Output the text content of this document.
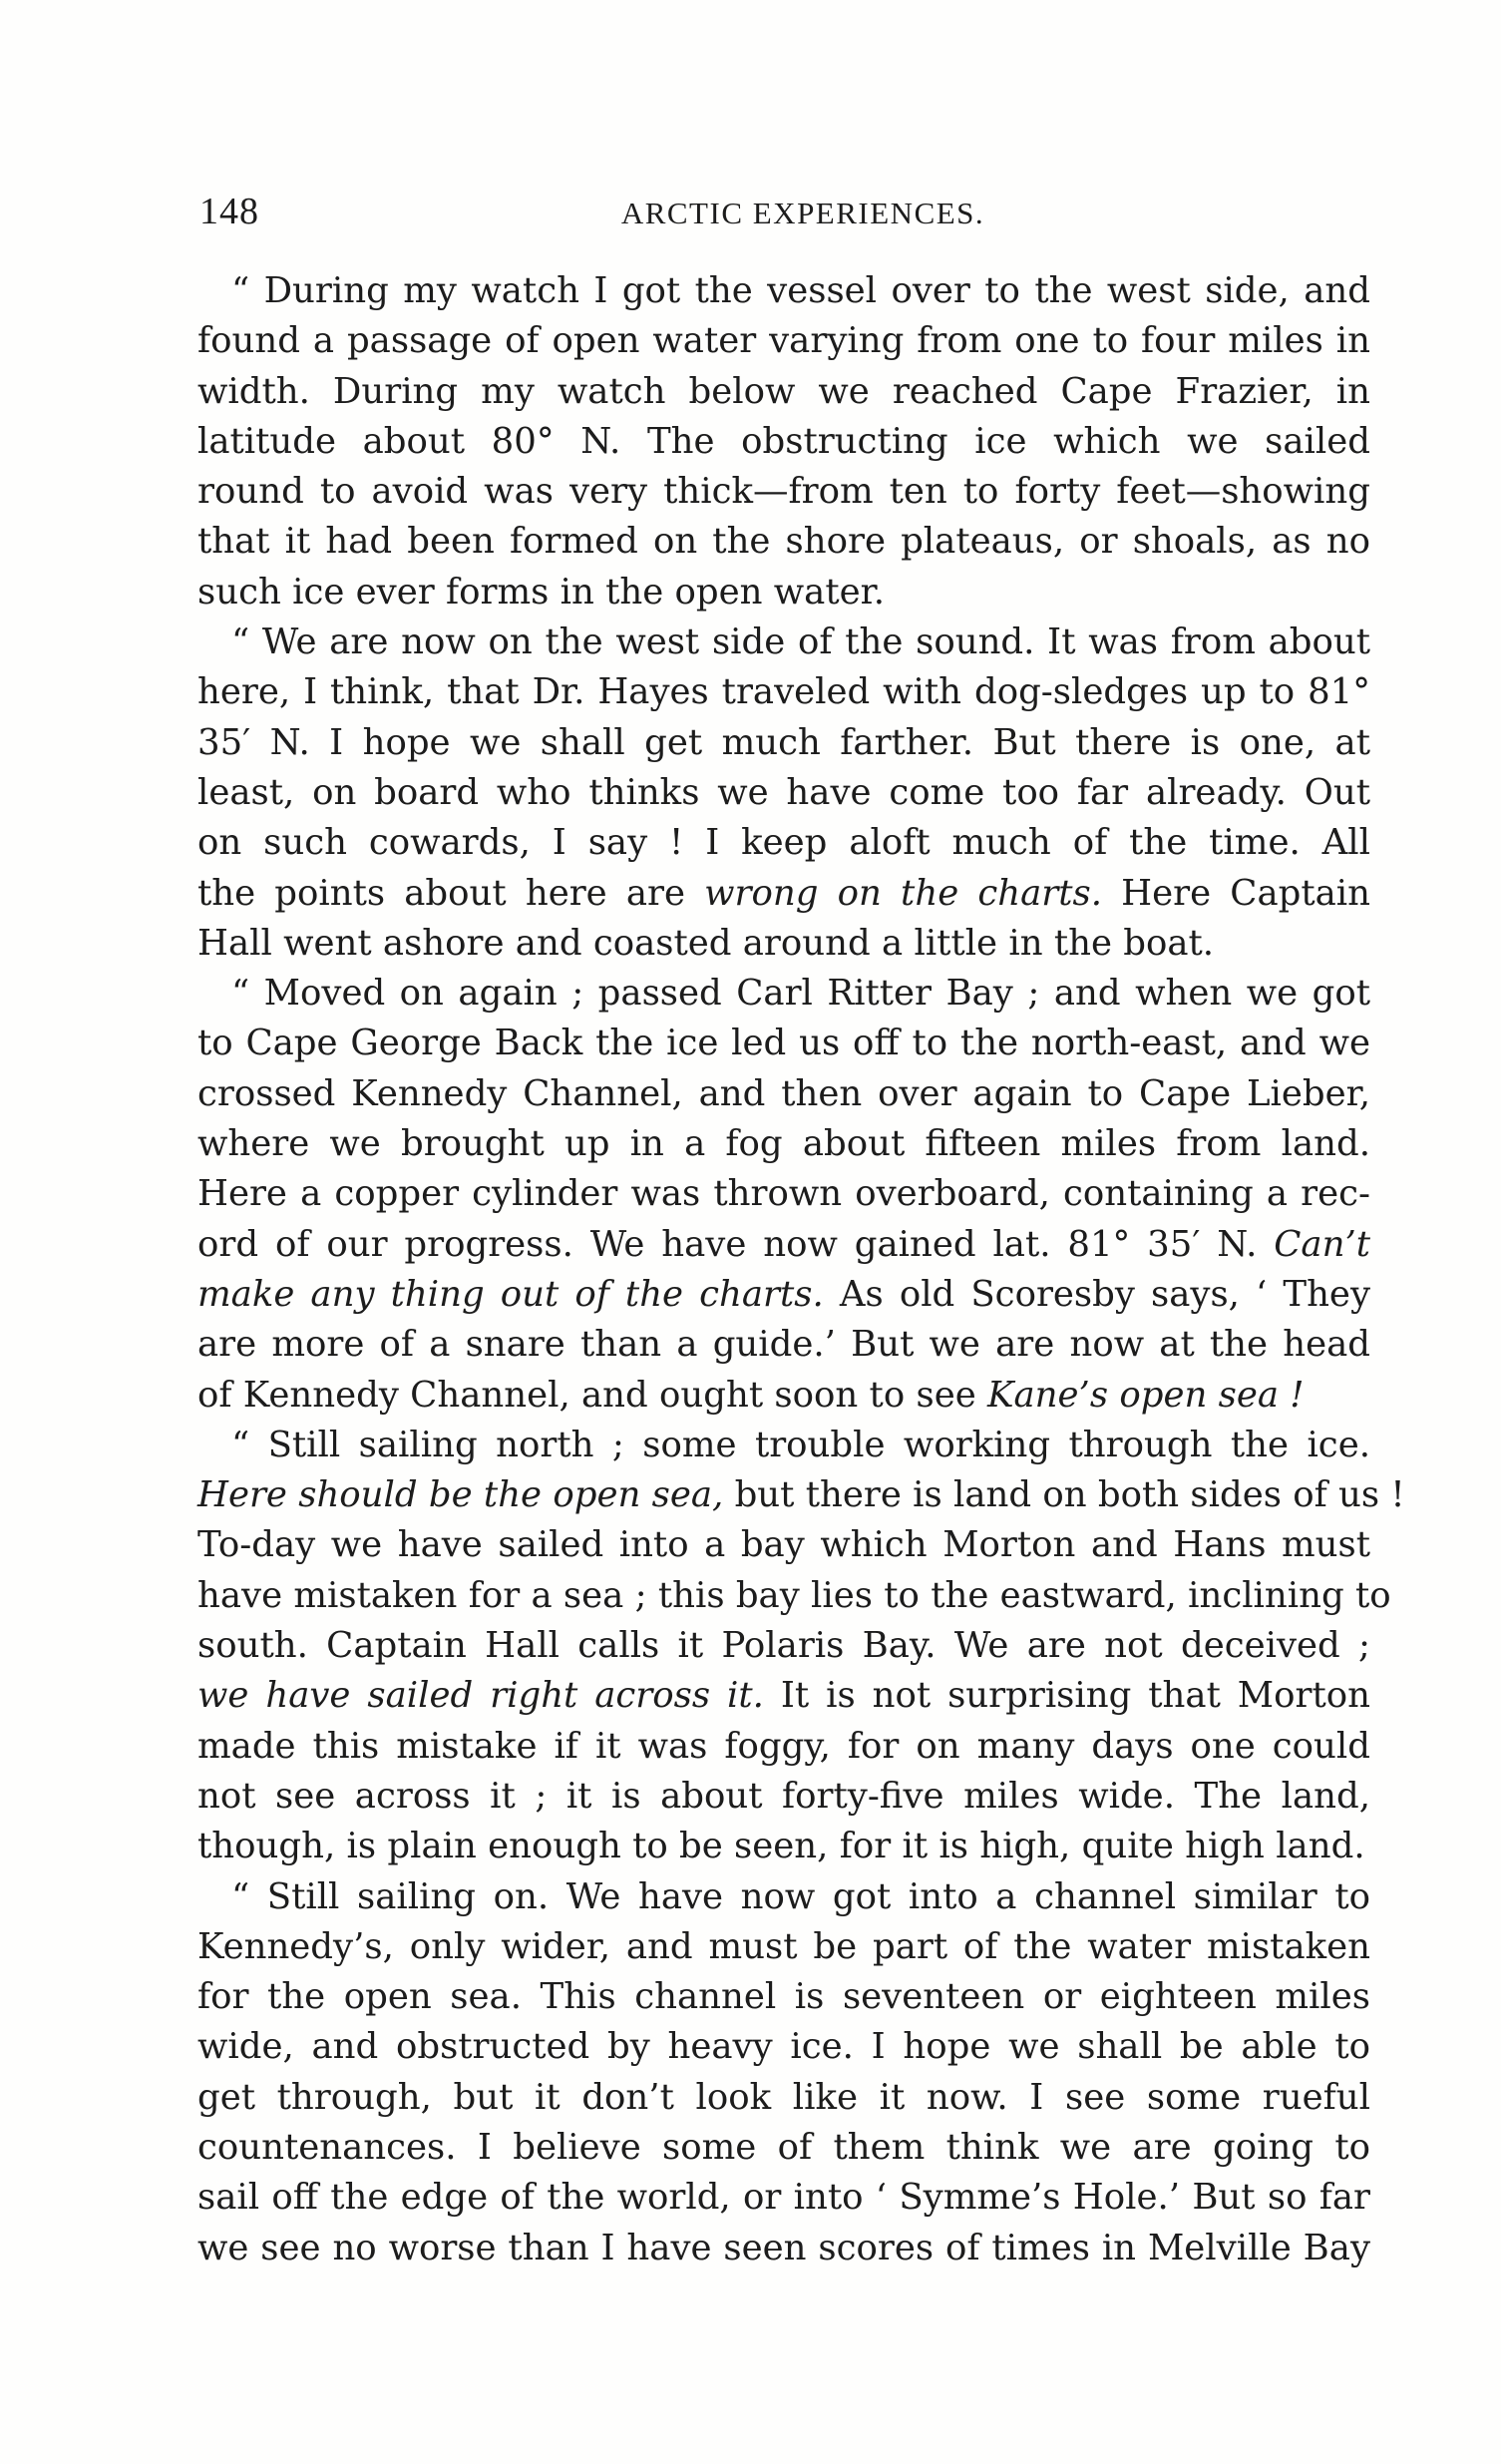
148	ARCTIC EXPERIENCES.
“ During my watch I got the vessel over to the west side, and
found a passage of open water varying from one to four miles in
width. During my watch below we reached Cape Frazier, in
latitude about 80° N. The obstructing ice which we sailed
round to avoid was very thick—from ten to forty feet—showing
that it had been formed on the shore plateaus, or shoals, as no
such ice ever forms in the open water.
“ We are now on the west side of the sound. It was from about
here, I think, that Dr. Hayes traveled with dog-sledges up to 81°
35′ N. I hope we shall get much farther. But there is one, at
least, on board who thinks we have come too far already. Out
on such cowards, I say ! I keep aloft much of the time. All
the points about here are wrong on the charts. Here Captain
Hall went ashore and coasted around a little in the boat.
“ Moved on again ; passed Carl Ritter Bay ; and when we got
to Cape George Back the ice led us off to the north-east, and we
crossed Kennedy Channel, and then over again to Cape Lieber,
where we brought up in a fog about fifteen miles from land.
Here a copper cylinder was thrown overboard, containing a rec-
ord of our progress. We have now gained lat. 81° 35′ N. Can’t
make any thing out of the charts. As old Scoresby says, ‘ They
are more of a snare than a guide.’ But we are now at the head
of Kennedy Channel, and ought soon to see Kane’s open sea !
“ Still sailing north ; some trouble working through the ice.
Here should be the open sea, but there is land on both sides of us !
To-day we have sailed into a bay which Morton and Hans must
have mistaken for a sea ; this bay lies to the eastward, inclining to
south. Captain Hall calls it Polaris Bay. We are not deceived ;
we have sailed right across it. It is not surprising that Morton
made this mistake if it was foggy, for on many days one could
not see across it ; it is about forty-five miles wide. The land,
though, is plain enough to be seen, for it is high, quite high land.
“ Still sailing on. We have now got into a channel similar to
Kennedy’s, only wider, and must be part of the water mistaken
for the open sea. This channel is seventeen or eighteen miles
wide, and obstructed by heavy ice. I hope we shall be able to
get through, but it don’t look like it now. I see some rueful
countenances. I believe some of them think we are going to
sail off the edge of the world, or into ‘ Symme’s Hole.’ But so far
we see no worse than I have seen scores of times in Melville Bay
